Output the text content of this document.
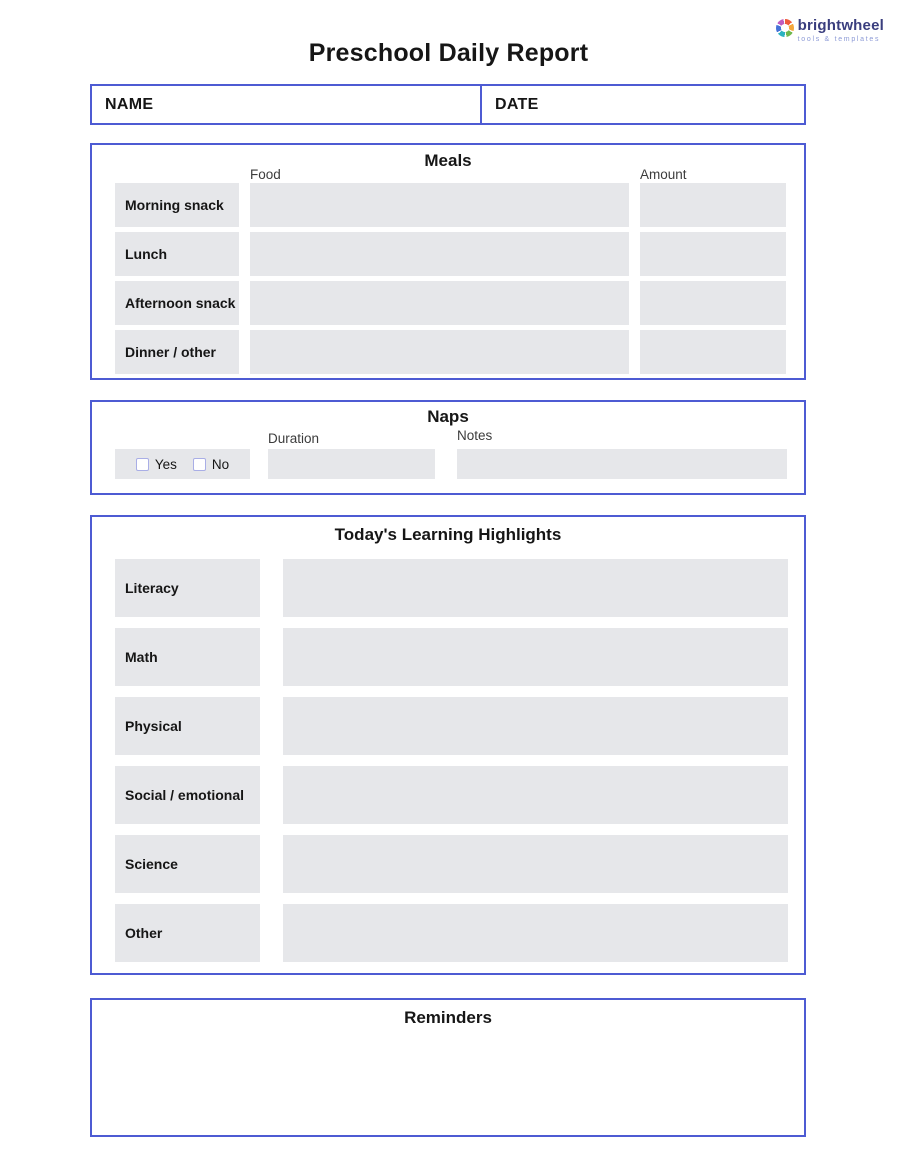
brightwheel
tools & templates
Preschool Daily Report
NAME	DATE
Meals
Food	Amount
Morning snack
Lunch
Afternoon snack
Dinner / other
Naps
Duration	Notes
Yes	No
Today's Learning Highlights
Literacy
Math
Physical
Social / emotional
Science
Other
Reminders
